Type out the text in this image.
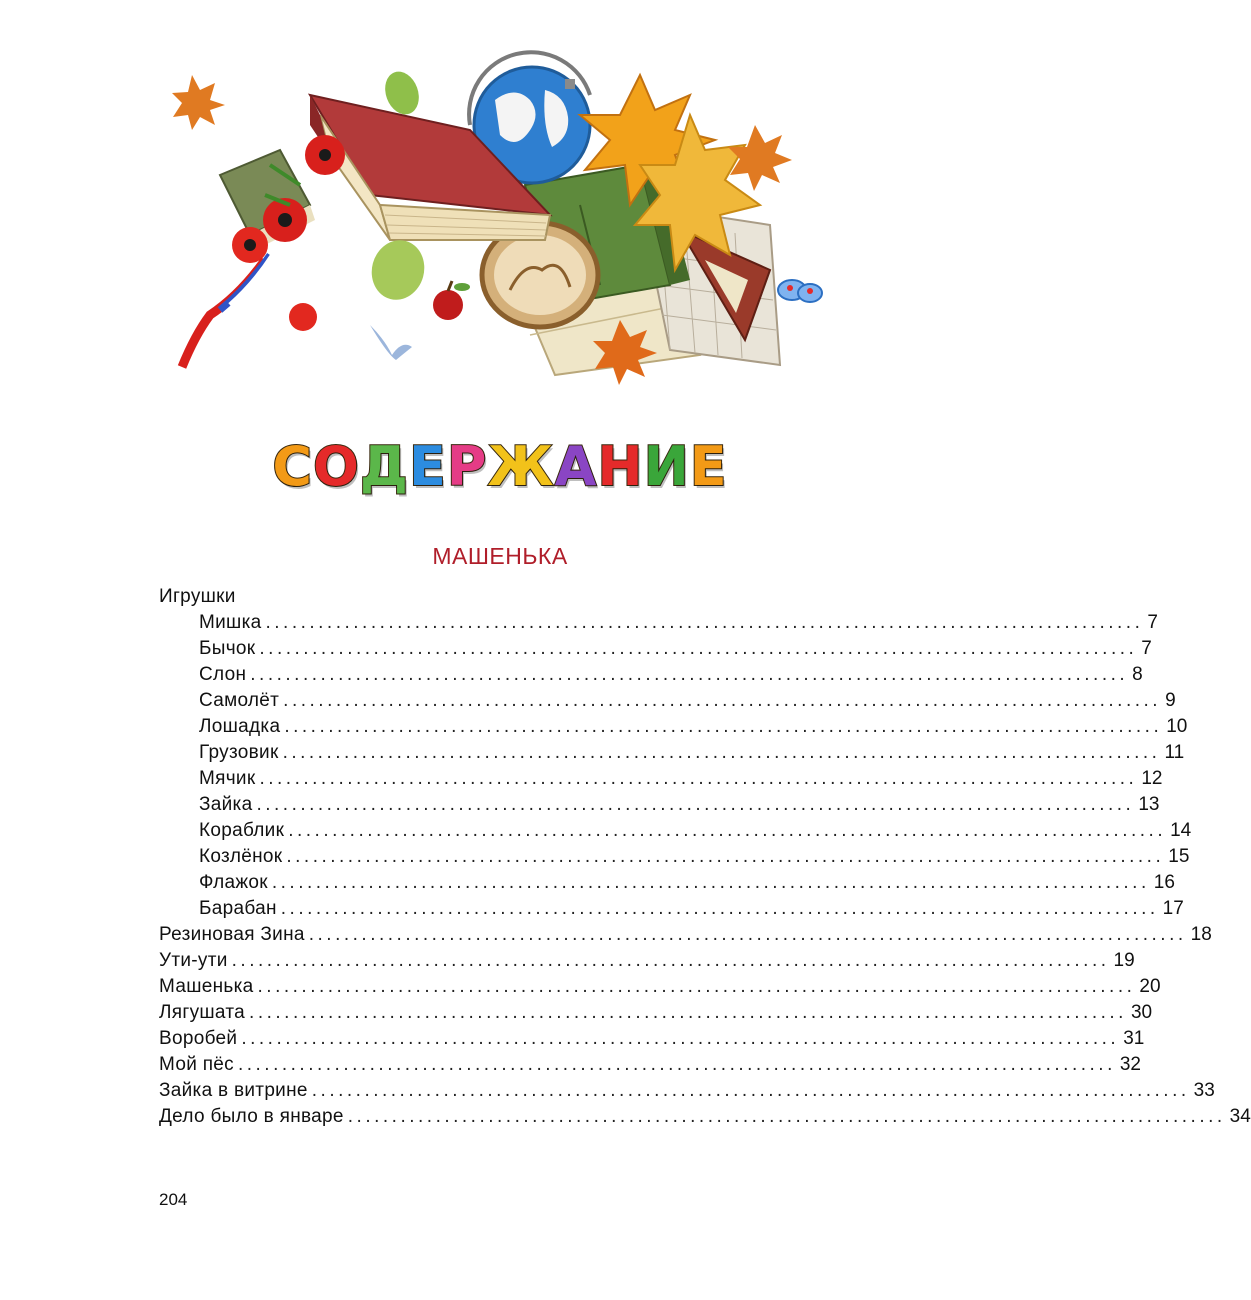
СОДЕРЖАНИЕ
МАШЕНЬКА
Игрушки
Мишка .................................................................................................... 7
Бычок .................................................................................................... 7
Слон .................................................................................................... 8
Самолёт .................................................................................................... 9
Лошадка .................................................................................................... 10
Грузовик .................................................................................................... 11
Мячик .................................................................................................... 12
Зайка .................................................................................................... 13
Кораблик .................................................................................................... 14
Козлёнок .................................................................................................... 15
Флажок .................................................................................................... 16
Барабан .................................................................................................... 17
Резиновая Зина .................................................................................................... 18
Ути-ути .................................................................................................... 19
Машенька .................................................................................................... 20
Лягушата .................................................................................................... 30
Воробей .................................................................................................... 31
Мой пёс .................................................................................................... 32
Зайка в витрине .................................................................................................... 33
Дело было в январе .................................................................................................... 34
204
